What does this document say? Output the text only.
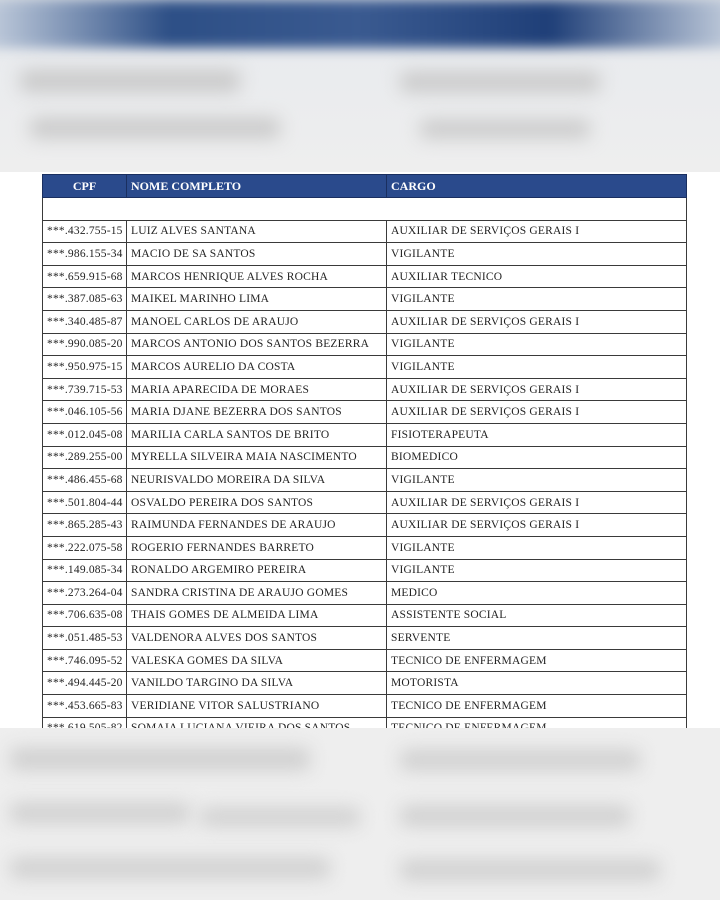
CPF	NOME COMPLETO	CARGO

***.432.755-15	LUIZ ALVES SANTANA	AUXILIAR DE SERVIÇOS GERAIS I
***.986.155-34	MACIO DE SA SANTOS	VIGILANTE
***.659.915-68	MARCOS HENRIQUE ALVES ROCHA	AUXILIAR TECNICO
***.387.085-63	MAIKEL MARINHO LIMA	VIGILANTE
***.340.485-87	MANOEL CARLOS DE ARAUJO	AUXILIAR DE SERVIÇOS GERAIS I
***.990.085-20	MARCOS ANTONIO DOS SANTOS BEZERRA	VIGILANTE
***.950.975-15	MARCOS AURELIO DA COSTA	VIGILANTE
***.739.715-53	MARIA APARECIDA DE MORAES	AUXILIAR DE SERVIÇOS GERAIS I
***.046.105-56	MARIA DJANE BEZERRA DOS SANTOS	AUXILIAR DE SERVIÇOS GERAIS I
***.012.045-08	MARILIA CARLA SANTOS DE BRITO	FISIOTERAPEUTA
***.289.255-00	MYRELLA SILVEIRA MAIA NASCIMENTO	BIOMEDICO
***.486.455-68	NEURISVALDO MOREIRA DA SILVA	VIGILANTE
***.501.804-44	OSVALDO PEREIRA DOS SANTOS	AUXILIAR DE SERVIÇOS GERAIS I
***.865.285-43	RAIMUNDA FERNANDES DE ARAUJO	AUXILIAR DE SERVIÇOS GERAIS I
***.222.075-58	ROGERIO FERNANDES BARRETO	VIGILANTE
***.149.085-34	RONALDO ARGEMIRO PEREIRA	VIGILANTE
***.273.264-04	SANDRA CRISTINA DE ARAUJO GOMES	MEDICO
***.706.635-08	THAIS GOMES DE ALMEIDA LIMA	ASSISTENTE SOCIAL
***.051.485-53	VALDENORA ALVES DOS SANTOS	SERVENTE
***.746.095-52	VALESKA GOMES DA SILVA	TECNICO DE ENFERMAGEM
***.494.445-20	VANILDO TARGINO DA SILVA	MOTORISTA
***.453.665-83	VERIDIANE VITOR SALUSTRIANO	TECNICO DE ENFERMAGEM
